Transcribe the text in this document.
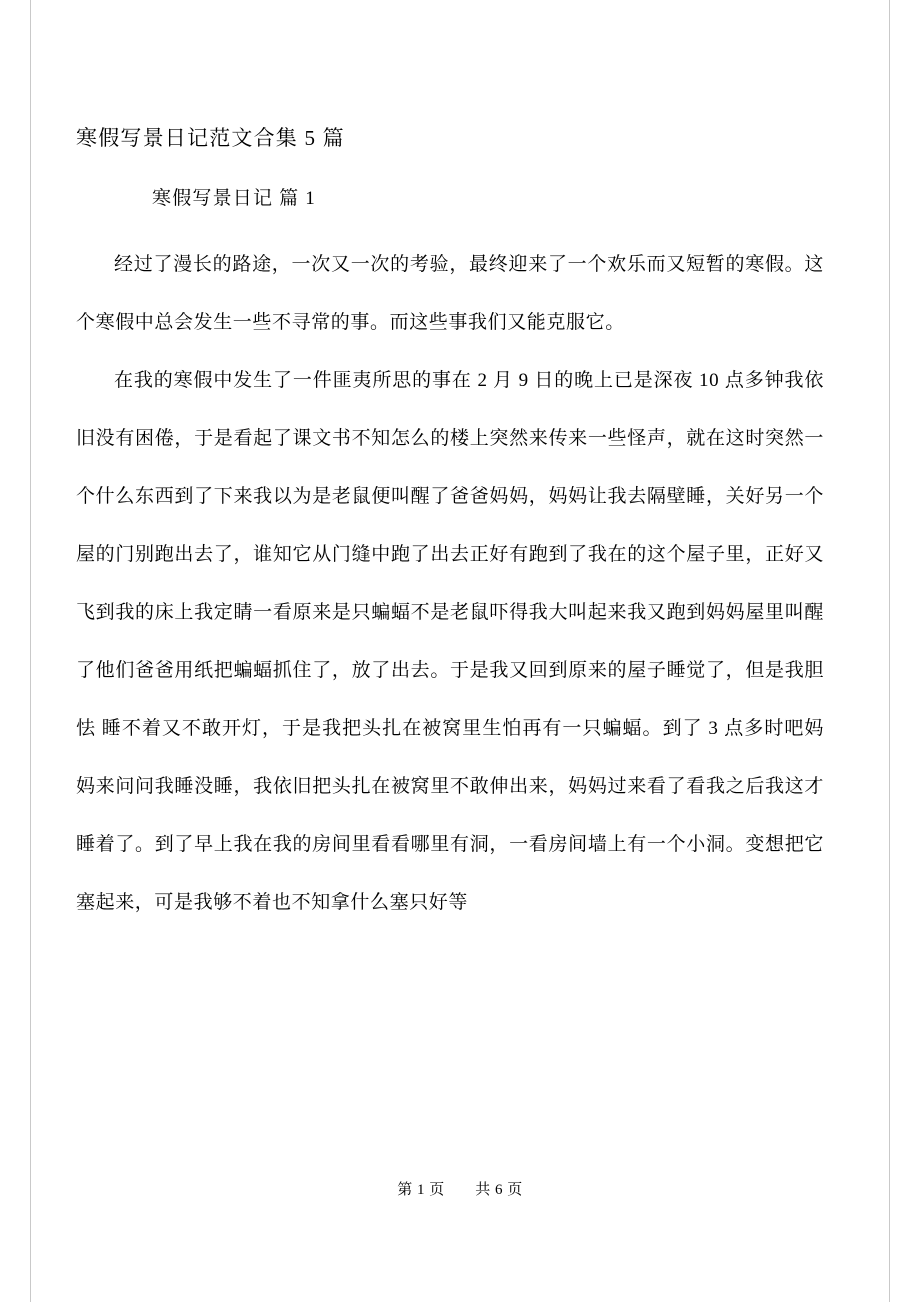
寒假写景日记范文合集 5 篇
寒假写景日记 篇 1

经过了漫长的路途，一次又一次的考验，最终迎来了一个欢乐而又短暂的寒假。这个寒假中总会发生一些不寻常的事。而这些事我们又能克服它。

在我的寒假中发生了一件匪夷所思的事在 2 月 9 日的晚上已是深夜 10 点多钟我依旧没有困倦，于是看起了课文书不知怎么的楼上突然来传来一些怪声，就在这时突然一个什么东西到了下来我以为是老鼠便叫醒了爸爸妈妈，妈妈让我去隔壁睡，关好另一个屋的门别跑出去了，谁知它从门缝中跑了出去正好有跑到了我在的这个屋子里，正好又飞到我的床上我定睛一看原来是只蝙蝠不是老鼠吓得我大叫起来我又跑到妈妈屋里叫醒了他们爸爸用纸把蝙蝠抓住了，放了出去。于是我又回到原来的屋子睡觉了，但是我胆怯 睡不着又不敢开灯，于是我把头扎在被窝里生怕再有一只蝙蝠。到了 3 点多时吧妈妈来问问我睡没睡，我依旧把头扎在被窝里不敢伸出来，妈妈过来看了看我之后我这才睡着了。到了早上我在我的房间里看看哪里有洞，一看房间墙上有一个小洞。变想把它塞起来，可是我够不着也不知拿什么塞只好等

第 1 页 共 6 页
